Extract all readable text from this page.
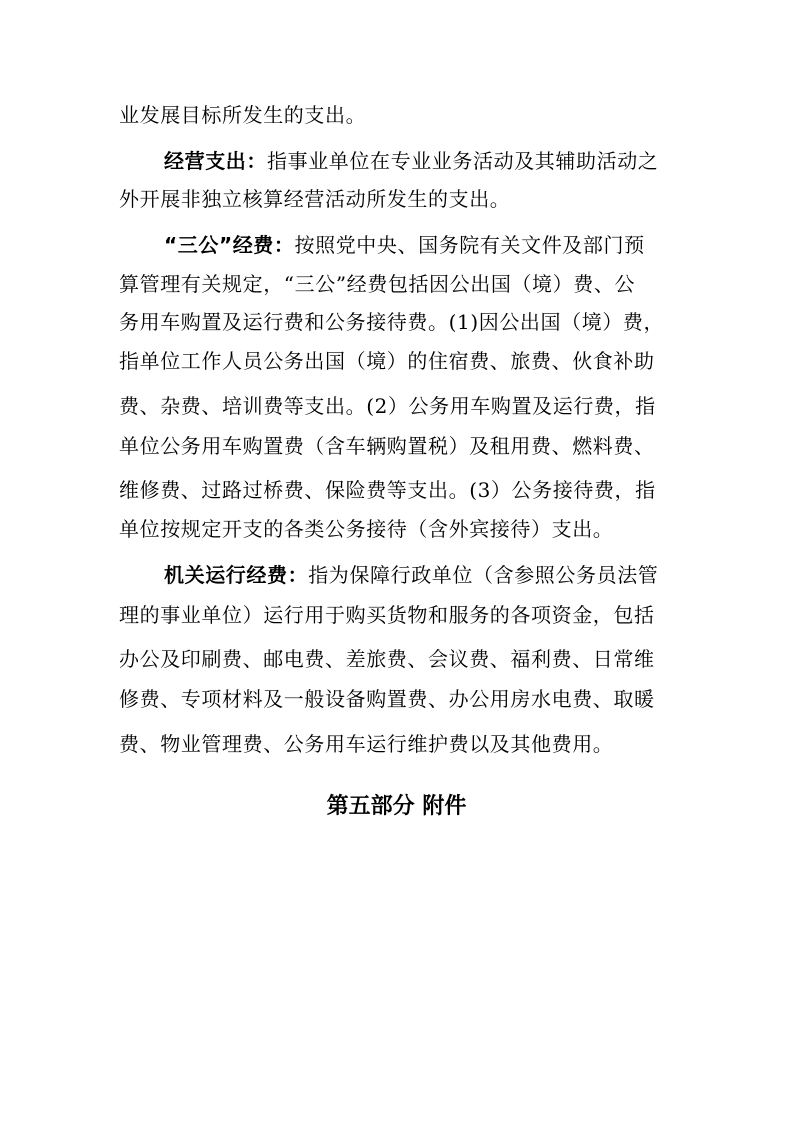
业发展目标所发生的支出。
经营支出：指事业单位在专业业务活动及其辅助活动之
外开展非独立核算经营活动所发生的支出。
“三公”经费：按照党中央、国务院有关文件及部门预
算管理有关规定，“三公”经费包括因公出国（境）费、公
务用车购置及运行费和公务接待费。(1)因公出国（境）费，
指单位工作人员公务出国（境）的住宿费、旅费、伙食补助
费、杂费、培训费等支出。(2）公务用车购置及运行费，指
单位公务用车购置费（含车辆购置税）及租用费、燃料费、
维修费、过路过桥费、保险费等支出。(3）公务接待费，指
单位按规定开支的各类公务接待（含外宾接待）支出。
机关运行经费：指为保障行政单位（含参照公务员法管
理的事业单位）运行用于购买货物和服务的各项资金，包括
办公及印刷费、邮电费、差旅费、会议费、福利费、日常维
修费、专项材料及一般设备购置费、办公用房水电费、取暖
费、物业管理费、公务用车运行维护费以及其他费用。
第五部分 附件
